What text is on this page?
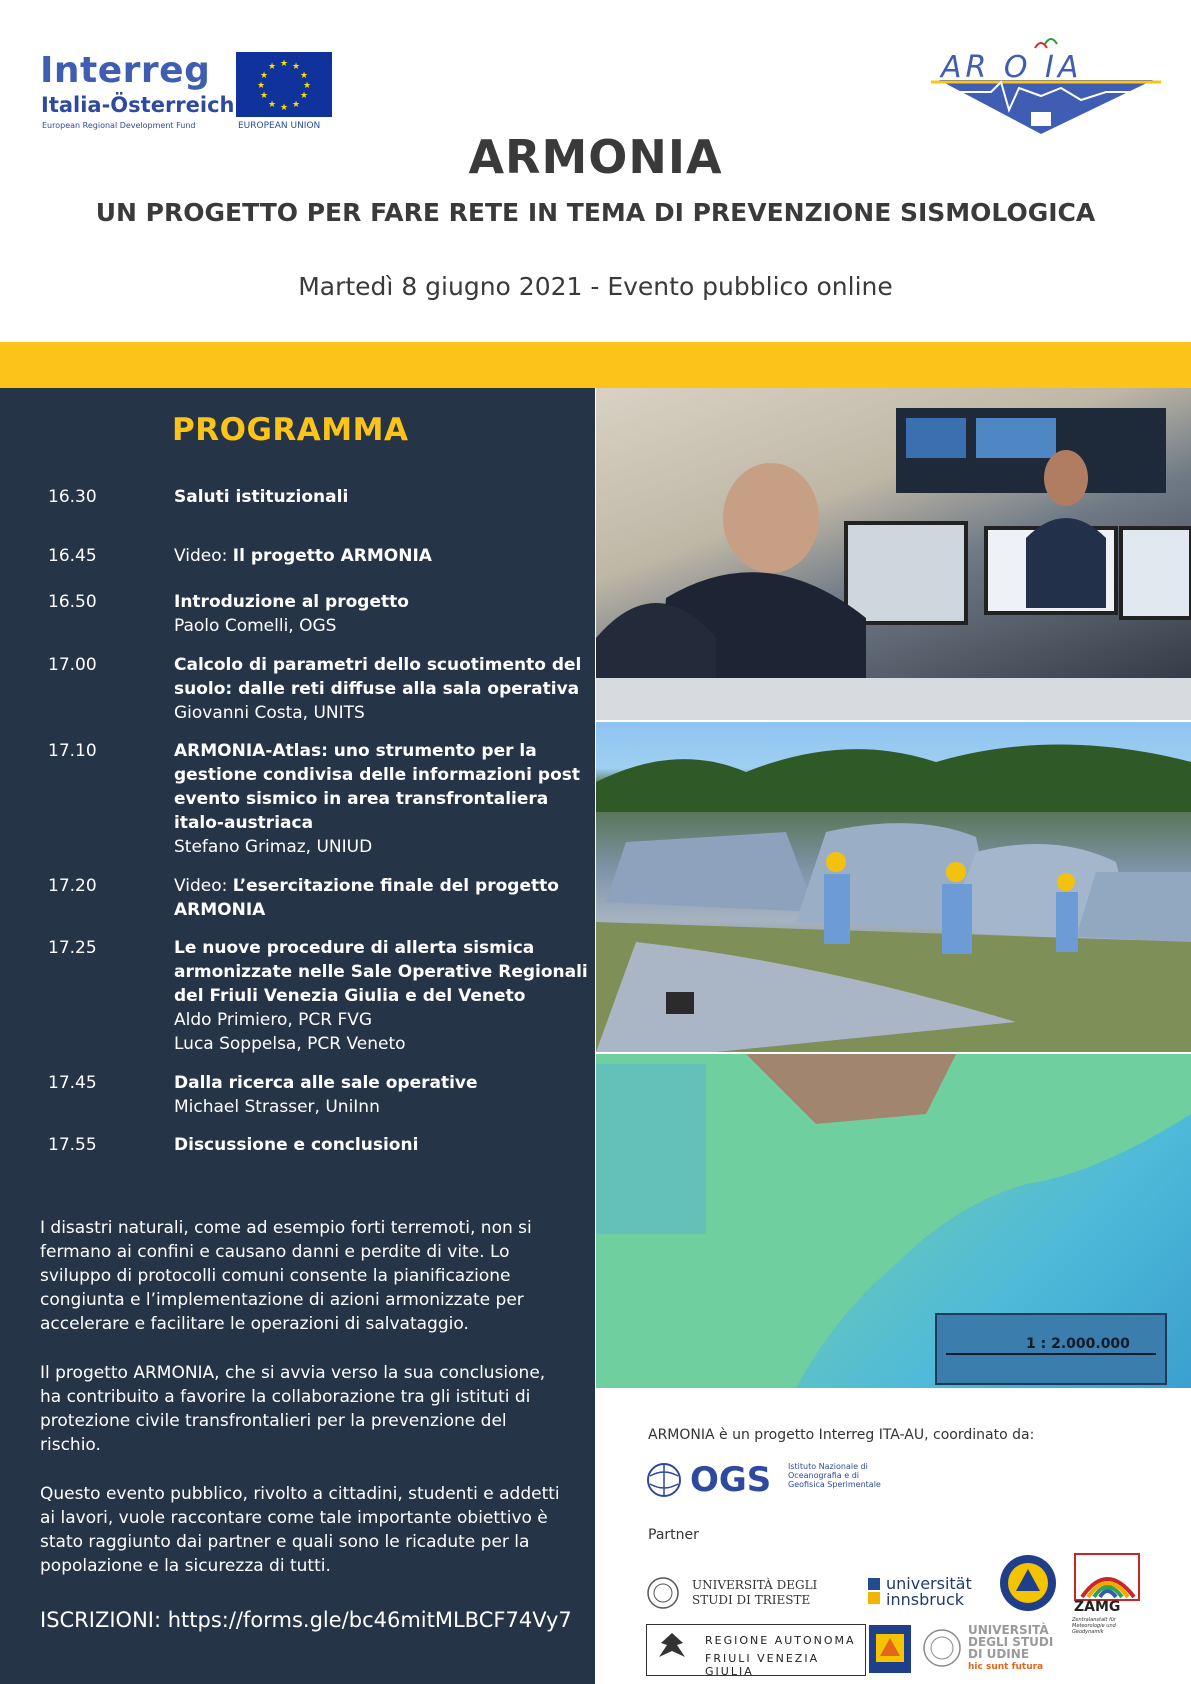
Interreg
Italia-Österreich
European Regional Development Fund
★ ★
★
★
★
★
★
★
★
★
★
★
EUROPEAN UNION
AR O IA
ARMONIA
UN PROGETTO PER FARE RETE IN TEMA DI PREVENZIONE SISMOLOGICA
Martedì 8 giugno 2021 - Evento pubblico online
PROGRAMMA
16.30	Saluti istituzionali
16.45	Video: Il progetto ARMONIA
16.50	Introduzione al progetto
Paolo Comelli, OGS
17.00	Calcolo di parametri dello scuotimento del suolo: dalle reti diffuse alla sala operativa
Giovanni Costa, UNITS
17.10	ARMONIA-Atlas: uno strumento per la gestione condivisa delle informazioni post evento sismico in area transfrontaliera italo-austriaca
Stefano Grimaz, UNIUD
17.20	Video: L’esercitazione finale del progetto ARMONIA
17.25	Le nuove procedure di allerta sismica armonizzate nelle Sale Operative Regionali del Friuli Venezia Giulia e del Veneto
Aldo Primiero, PCR FVG
Luca Soppelsa, PCR Veneto
17.45	Dalla ricerca alle sale operative
Michael Strasser, UniInn
17.55	Discussione e conclusioni
I disastri naturali, come ad esempio forti terremoti, non si fermano ai confini e causano danni e perdite di vite. Lo sviluppo di protocolli comuni consente la pianificazione congiunta e l’implementazione di azioni armonizzate per accelerare e facilitare le operazioni di salvataggio.
Il progetto ARMONIA, che si avvia verso la sua conclusione, ha contribuito a favorire la collaborazione tra gli istituti di protezione civile transfrontalieri per la prevenzione del rischio.
Questo evento pubblico, rivolto a cittadini, studenti e addetti ai lavori, vuole raccontare come tale importante obiettivo è stato raggiunto dai partner e quali sono le ricadute per la popolazione e la sicurezza di tutti.
ISCRIZIONI: https://forms.gle/bc46mitMLBCF74Vy7
1 : 2.000.000
ARMONIA è un progetto Interreg ITA-AU, coordinato da:
OGS Istituto Nazionale di Oceanografia e di Geofisica Sperimentale
Partner
UNIVERSITÀ DEGLI STUDI DI TRIESTE
universität
innsbruck	ZAMG
Zentralanstalt für Meteorologie und Geodynamik
REGIONE AUTONOMA
FRIULI VENEZIA GIULIA
UNIVERSITÀ
DEGLI STUDI
DI UDINE
hic sunt futura
